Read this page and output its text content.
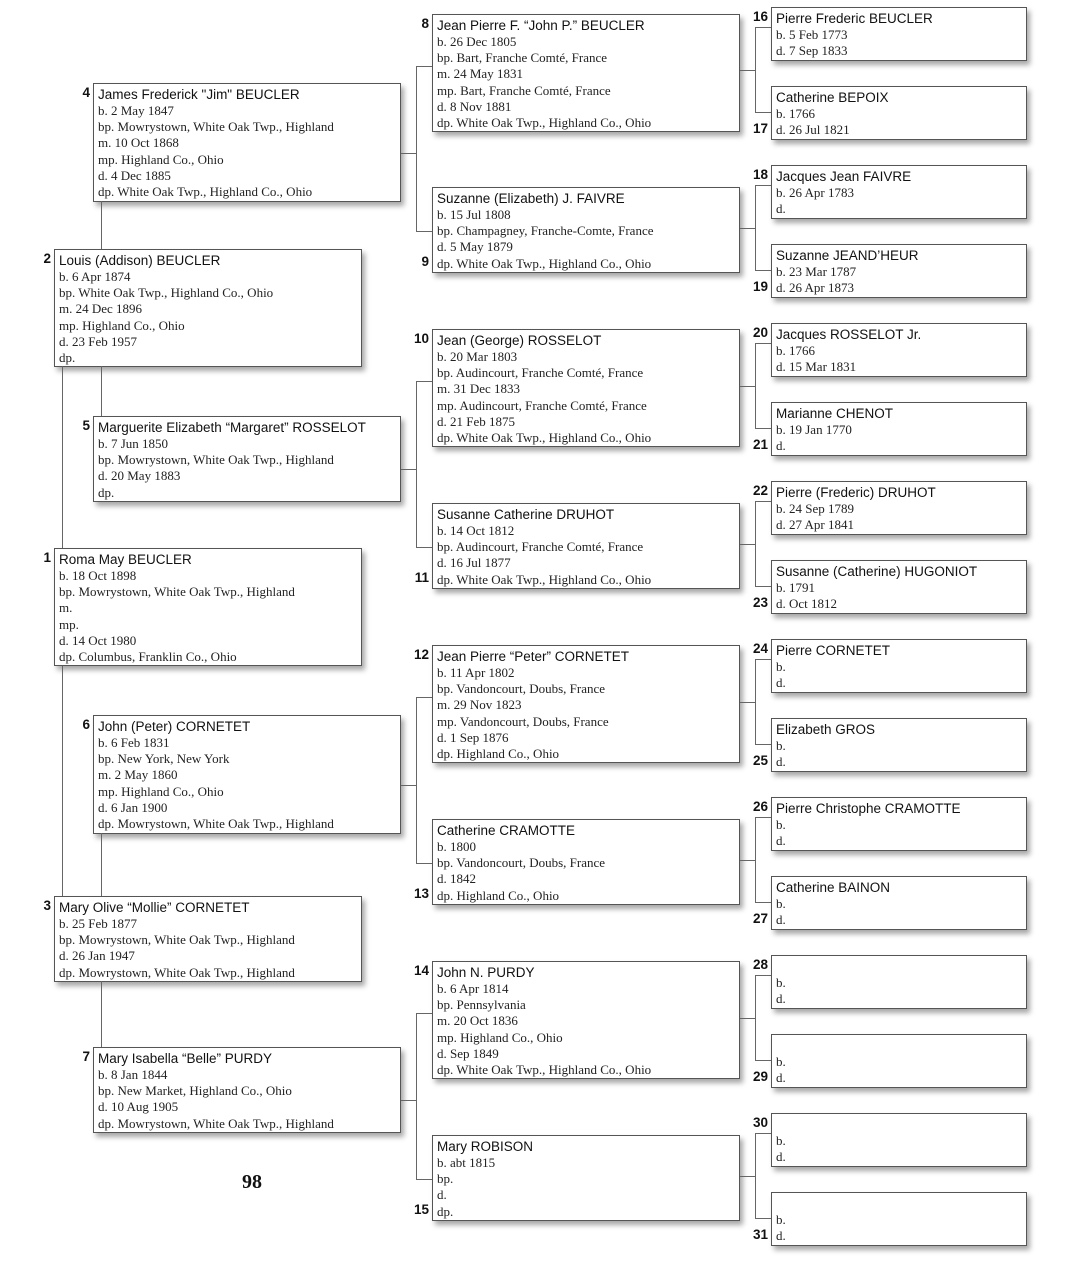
Roma May BEUCLER
b. 18 Oct 1898
bp. Mowrystown, White Oak Twp., Highland
m.
mp.
d. 14 Oct 1980
dp. Columbus, Franklin Co., Ohio
1
Louis (Addison) BEUCLER
b. 6 Apr 1874
bp. White Oak Twp., Highland Co., Ohio
m. 24 Dec 1896
mp. Highland Co., Ohio
d. 23 Feb 1957
dp.
2
Mary Olive “Mollie” CORNETET
b. 25 Feb 1877
bp. Mowrystown, White Oak Twp., Highland
d. 26 Jan 1947
dp. Mowrystown, White Oak Twp., Highland
3
James Frederick "Jim" BEUCLER
b. 2 May 1847
bp. Mowrystown, White Oak Twp., Highland
m. 10 Oct 1868
mp. Highland Co., Ohio
d. 4 Dec 1885
dp. White Oak Twp., Highland Co., Ohio
4
Marguerite Elizabeth “Margaret” ROSSELOT
b. 7 Jun 1850
bp. Mowrystown, White Oak Twp., Highland
d. 20 May 1883
dp.
5
John (Peter) CORNETET
b. 6 Feb 1831
bp. New York, New York
m. 2 May 1860
mp. Highland Co., Ohio
d. 6 Jan 1900
dp. Mowrystown, White Oak Twp., Highland
6
Mary Isabella “Belle” PURDY
b. 8 Jan 1844
bp. New Market, Highland Co., Ohio
d. 10 Aug 1905
dp. Mowrystown, White Oak Twp., Highland
7
Jean Pierre F. “John P.” BEUCLER
b. 26 Dec 1805
bp. Bart, Franche Comté, France
m. 24 May 1831
mp. Bart, Franche Comté, France
d. 8 Nov 1881
dp. White Oak Twp., Highland Co., Ohio
8
Suzanne (Elizabeth) J. FAIVRE
b. 15 Jul 1808
bp. Champagney, Franche-Comte, France
d. 5 May 1879
dp. White Oak Twp., Highland Co., Ohio
9
Jean (George) ROSSELOT
b. 20 Mar 1803
bp. Audincourt, Franche Comté, France
m. 31 Dec 1833
mp. Audincourt, Franche Comté, France
d. 21 Feb 1875
dp. White Oak Twp., Highland Co., Ohio
10
Susanne Catherine DRUHOT
b. 14 Oct 1812
bp. Audincourt, Franche Comté, France
d. 16 Jul 1877
dp. White Oak Twp., Highland Co., Ohio
11
Jean Pierre “Peter” CORNETET
b. 11 Apr 1802
bp. Vandoncourt, Doubs, France
m. 29 Nov 1823
mp. Vandoncourt, Doubs, France
d. 1 Sep 1876
dp. Highland Co., Ohio
12
Catherine CRAMOTTE
b. 1800
bp. Vandoncourt, Doubs, France
d. 1842
dp. Highland Co., Ohio
13
John N. PURDY
b. 6 Apr 1814
bp. Pennsylvania
m. 20 Oct 1836
mp. Highland Co., Ohio
d. Sep 1849
dp. White Oak Twp., Highland Co., Ohio
14
Mary ROBISON
b. abt 1815
bp.
d.
dp.
15
Pierre Frederic BEUCLER
b. 5 Feb 1773
d. 7 Sep 1833
16
Catherine BEPOIX
b. 1766
d. 26 Jul 1821
17
Jacques Jean FAIVRE
b. 26 Apr 1783
d.
18
Suzanne JEAND’HEUR
b. 23 Mar 1787
d. 26 Apr 1873
19
Jacques ROSSELOT Jr.
b. 1766
d. 15 Mar 1831
20
Marianne CHENOT
b. 19 Jan 1770
d.
21
Pierre (Frederic) DRUHOT
b. 24 Sep 1789
d. 27 Apr 1841
22
Susanne (Catherine) HUGONIOT
b. 1791
d. Oct 1812
23
Pierre CORNETET
b.
d.
24
Elizabeth GROS
b.
d.
25
Pierre Christophe CRAMOTTE
b.
d.
26
Catherine BAINON
b.
d.
27

b.
d.
28

b.
d.
29

b.
d.
30

b.
d.
31
98
